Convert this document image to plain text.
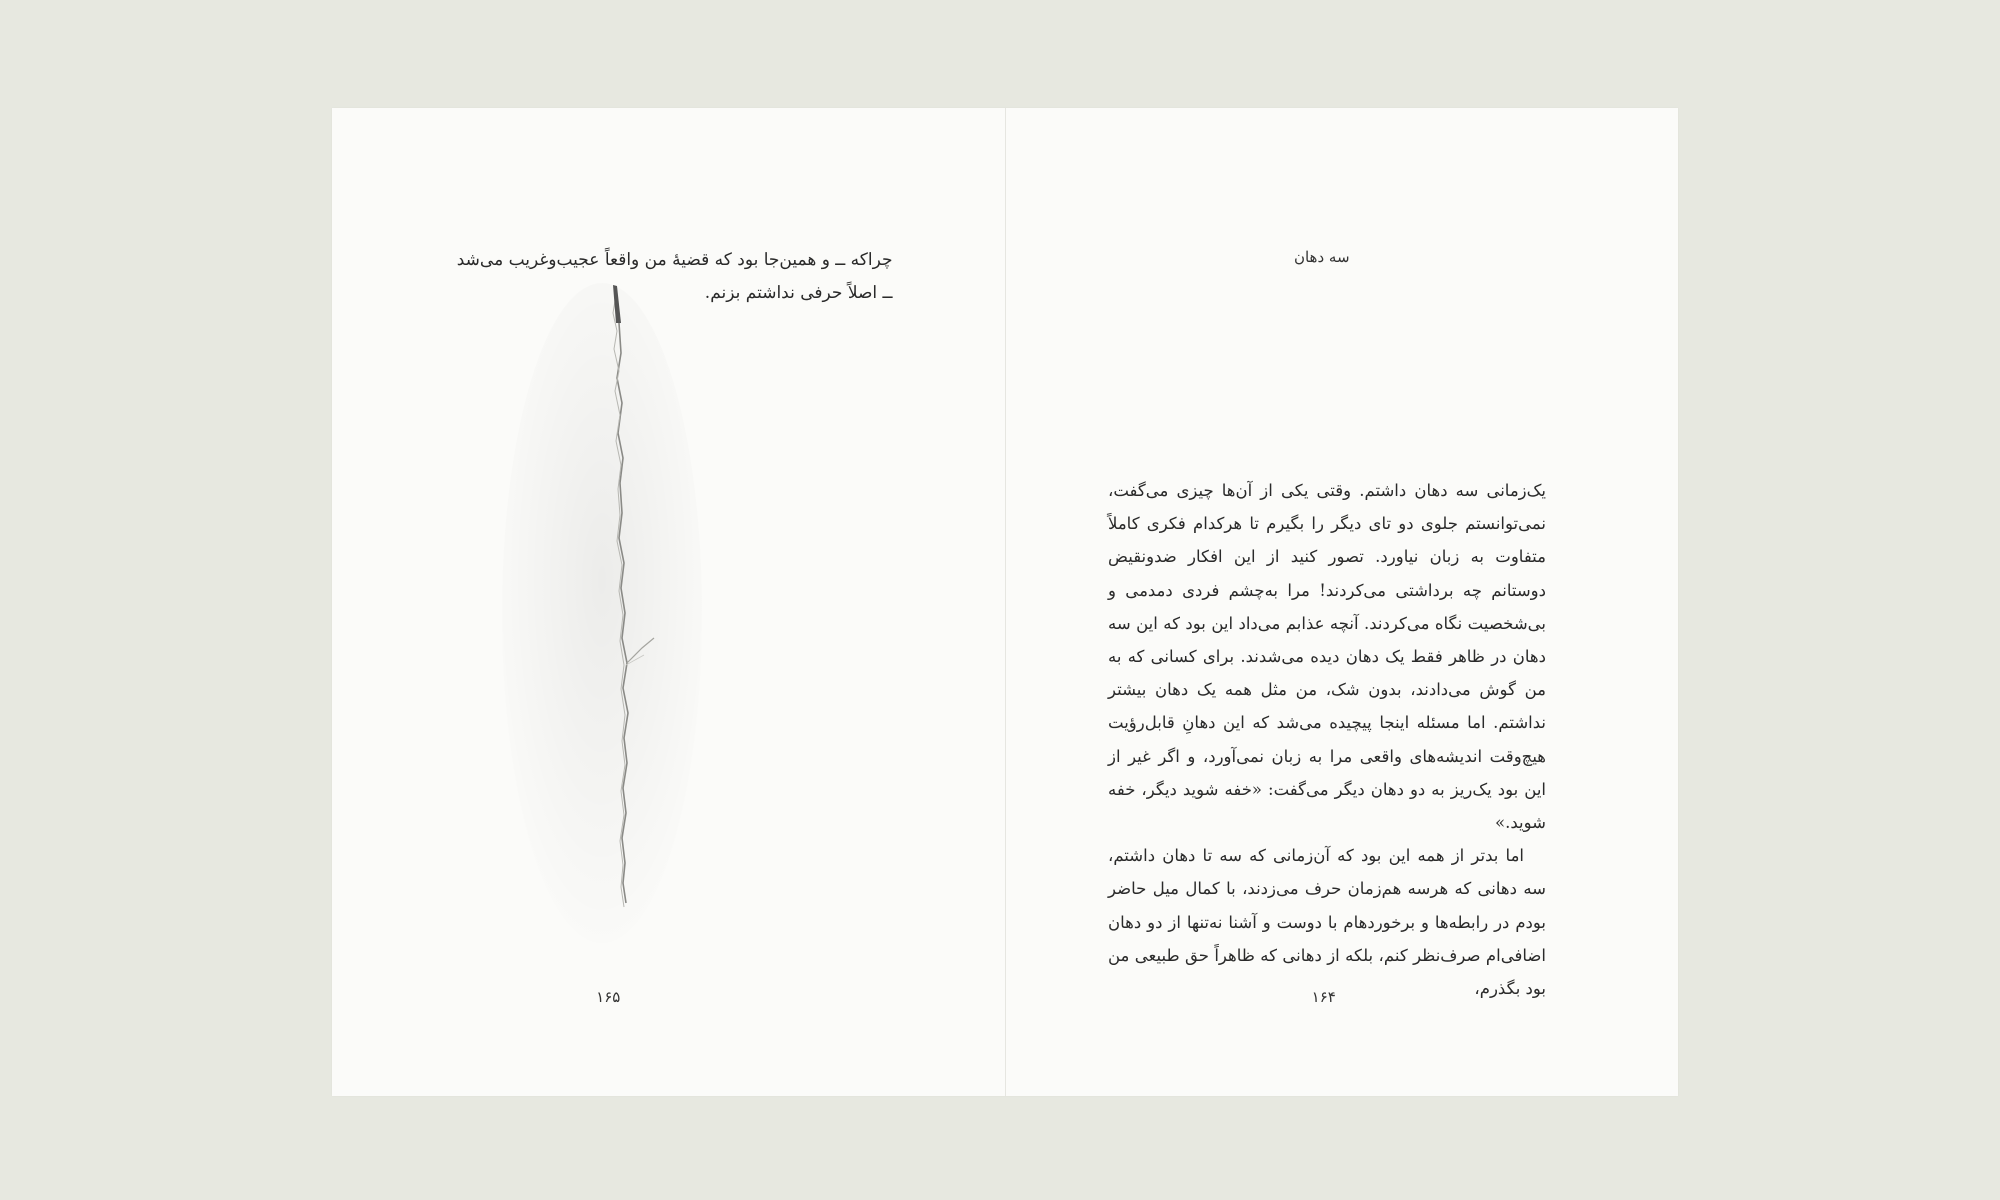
چراکه ــ و همین‌جا بود که قضیهٔ من واقعاً عجیب‌وغریب می‌شد ــ اصلاً حرفی نداشتم بزنم.
۱۶۵
سه دهان

یک‌زمانی سه دهان داشتم. وقتی یکی از آن‌ها چیزی می‌گفت، نمی‌توانستم جلوی دو تای دیگر را بگیرم تا هرکدام فکری کاملاً متفاوت به زبان نیاورد. تصور کنید از این افکار ضدونقیض دوستانم چه برداشتی می‌کردند! مرا به‌چشم فردی دمدمی و بی‌شخصیت نگاه می‌کردند. آنچه عذابم می‌داد این بود که این سه دهان در ظاهر فقط یک دهان دیده می‌شدند. برای کسانی که به من گوش می‌دادند، بدون شک، من مثل همه یک دهان بیشتر نداشتم. اما مسئله اینجا پیچیده می‌شد که این دهانِ قابل‌رؤیت هیچ‌وقت اندیشه‌های واقعی مرا به زبان نمی‌آورد، و اگر غیر از این بود یک‌ریز به دو دهان دیگر می‌گفت: «خفه شوید دیگر، خفه شوید.»

اما بدتر از همه این بود که آن‌زمانی که سه تا دهان داشتم، سه دهانی که هرسه هم‌زمان حرف می‌زدند، با کمال میل حاضر بودم در رابطه‌ها و برخوردهام با دوست و آشنا نه‌تنها از دو دهان اضافی‌ام صرف‌نظر کنم، بلکه از دهانی که ظاهراً حق طبیعی من بود بگذرم،

۱۶۴
